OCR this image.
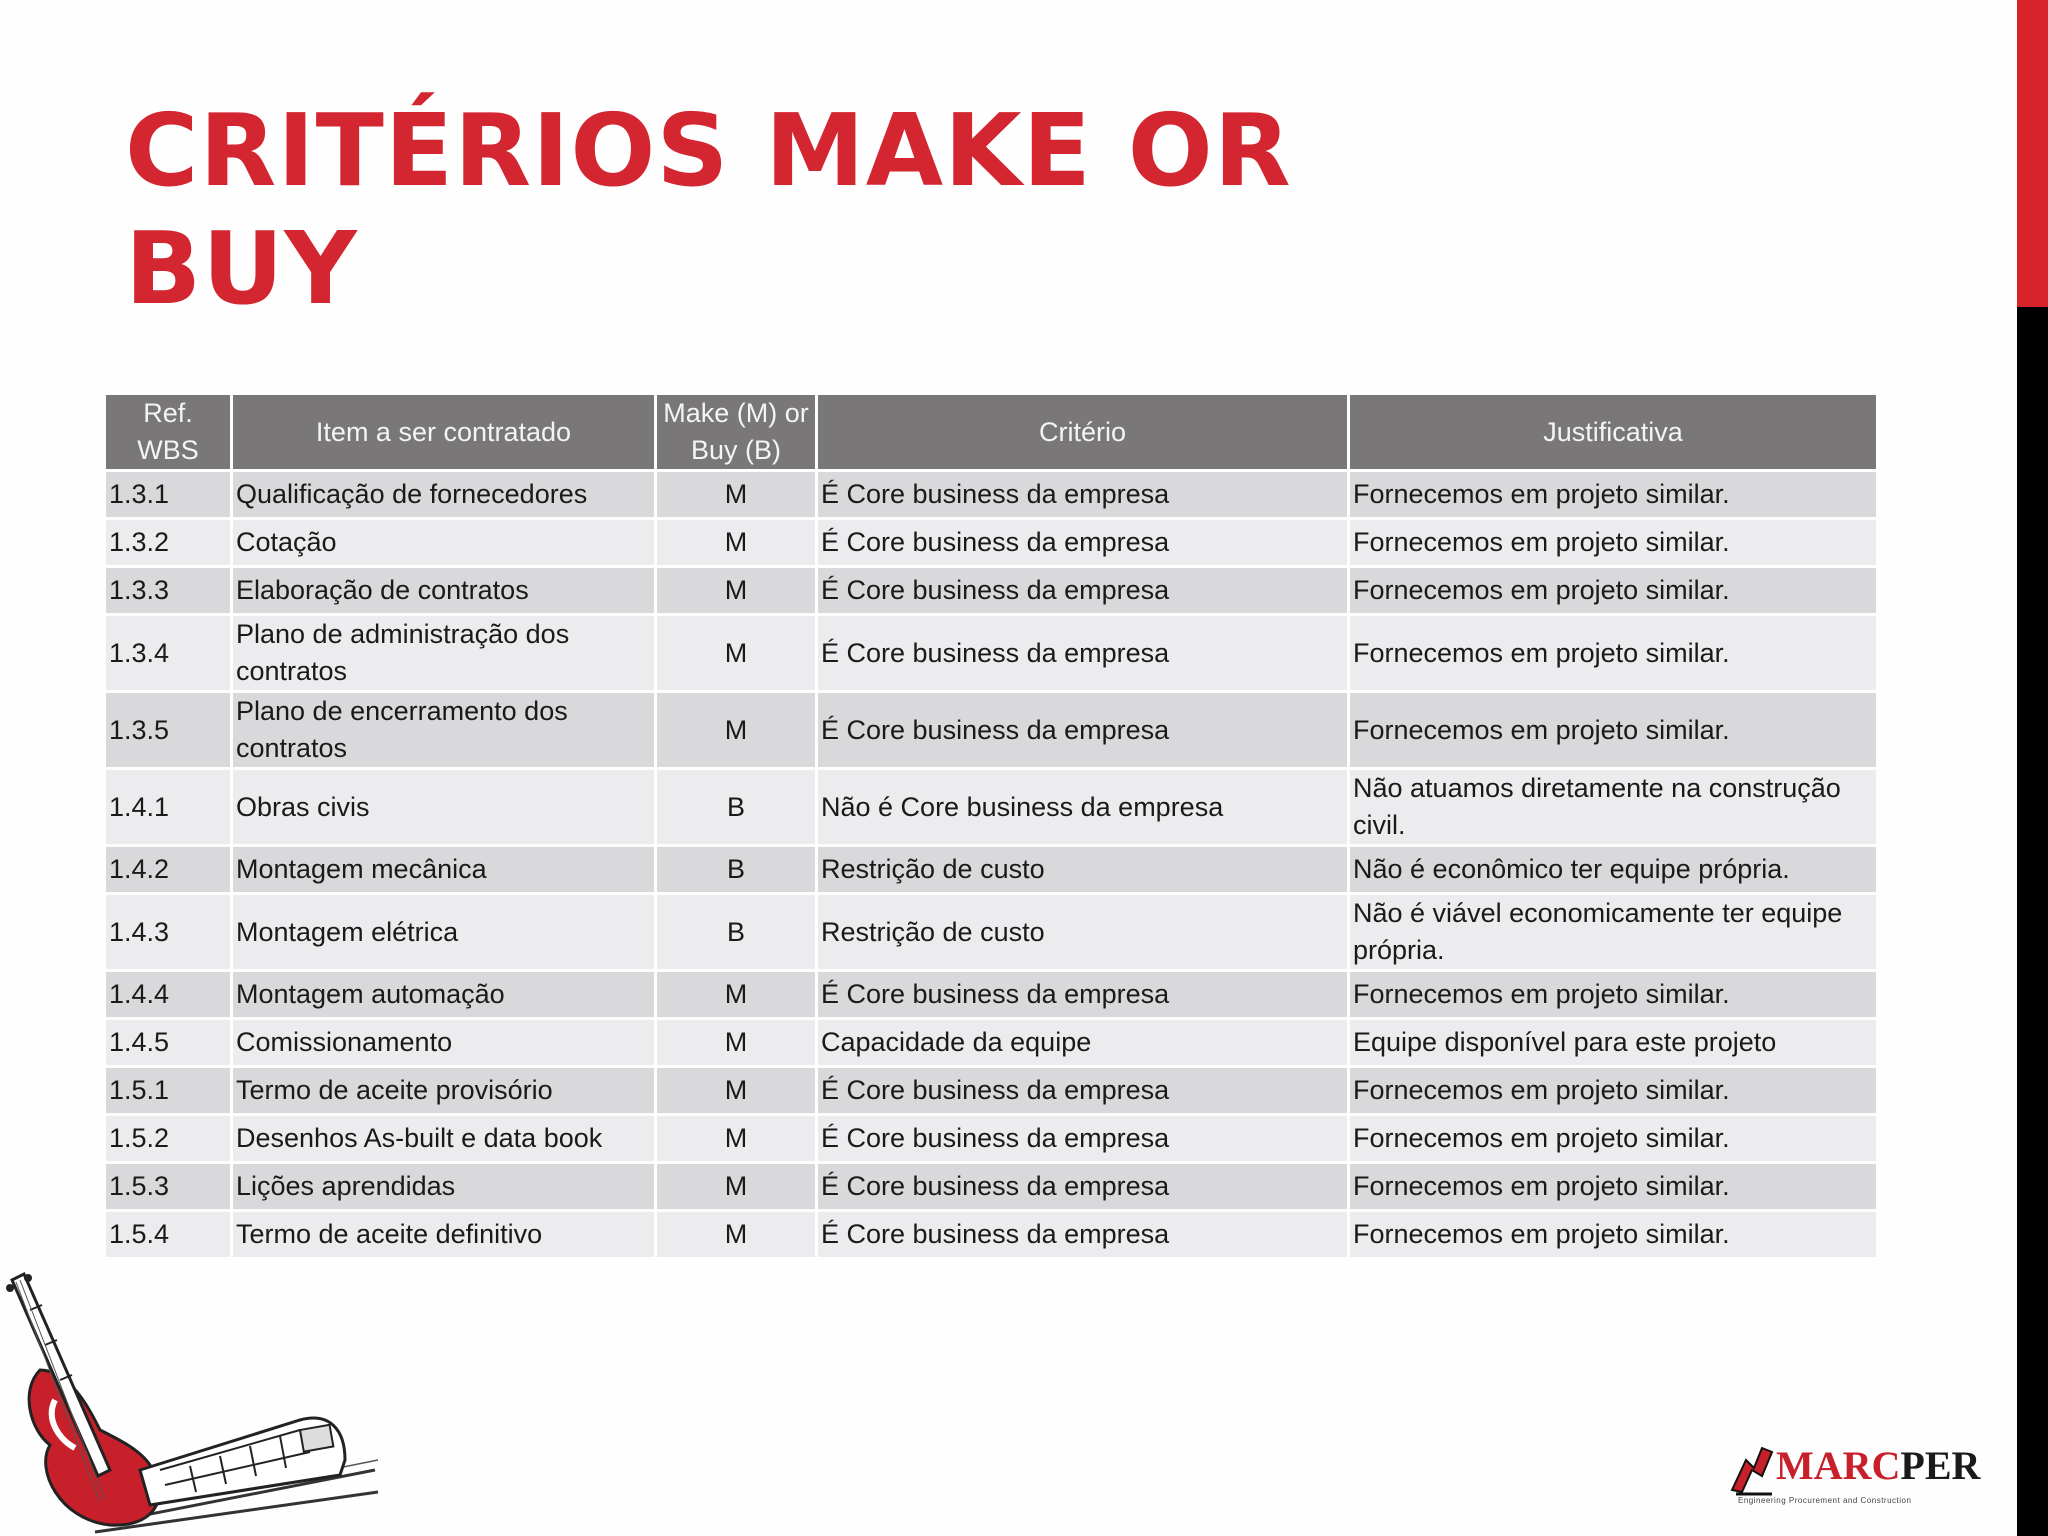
CRITÉRIOS MAKE OR BUY
Ref. WBS	Item a ser contratado	Make (M) or Buy (B)	Critério	Justificativa
1.3.1	Qualificação de fornecedores	M	É Core business da empresa	Fornecemos em projeto similar.
1.3.2	Cotação	M	É Core business da empresa	Fornecemos em projeto similar.
1.3.3	Elaboração de contratos	M	É Core business da empresa	Fornecemos em projeto similar.
1.3.4	Plano de administração dos contratos	M	É Core business da empresa	Fornecemos em projeto similar.
1.3.5	Plano de encerramento dos contratos	M	É Core business da empresa	Fornecemos em projeto similar.
1.4.1	Obras civis	B	Não é Core business da empresa	Não atuamos diretamente na construção civil.
1.4.2	Montagem mecânica	B	Restrição de custo	Não é econômico ter equipe própria.
1.4.3	Montagem elétrica	B	Restrição de custo	Não é viável economicamente ter equipe própria.
1.4.4	Montagem automação	M	É Core business da empresa	Fornecemos em projeto similar.
1.4.5	Comissionamento	M	Capacidade da equipe	Equipe disponível para este projeto
1.5.1	Termo de aceite provisório	M	É Core business da empresa	Fornecemos em projeto similar.
1.5.2	Desenhos As-built e data book	M	É Core business da empresa	Fornecemos em projeto similar.
1.5.3	Lições aprendidas	M	É Core business da empresa	Fornecemos em projeto similar.
1.5.4	Termo de aceite definitivo	M	É Core business da empresa	Fornecemos em projeto similar.
MARCPER
Engineering Procurement and Construction
